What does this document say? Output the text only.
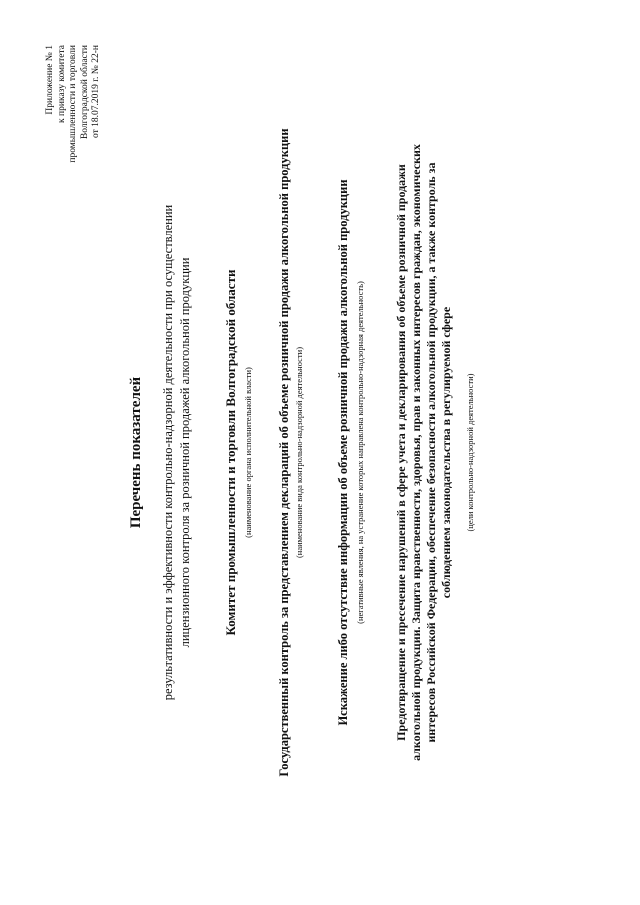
Приложение № 1 к приказу комитета промышленности и торговли Волгоградской области от 18.07.2019 г. № 22-н
Перечень показателей результативности и эффективности контрольно-надзорной деятельности при осуществлении лицензионного контроля за розничной продажей алкогольной продукции Комитет промышленности и торговли Волгоградской области (наименование органа исполнительной власти) Государственный контроль за представлением деклараций об объеме розничной продажи алкогольной продукции (наименование вида контрольно-надзорной деятельности)	Искажение либо отсутствие информации об объеме розничной продажи алкогольной продукции (негативные явления, на устранение которых направлена контрольно-надзорная деятельность) Предотвращение и пресечение нарушений в сфере учета и декларирования об объеме розничной продажи алкогольной продукции. Защита нравственности, здоровья, прав и законных интересов граждан, экономических интересов Российской Федерации, обеспечение безопасности алкогольной продукции, а также контроль за соблюдением законодательства в регулируемой сфере (цели контрольно-надзорной деятельности)
